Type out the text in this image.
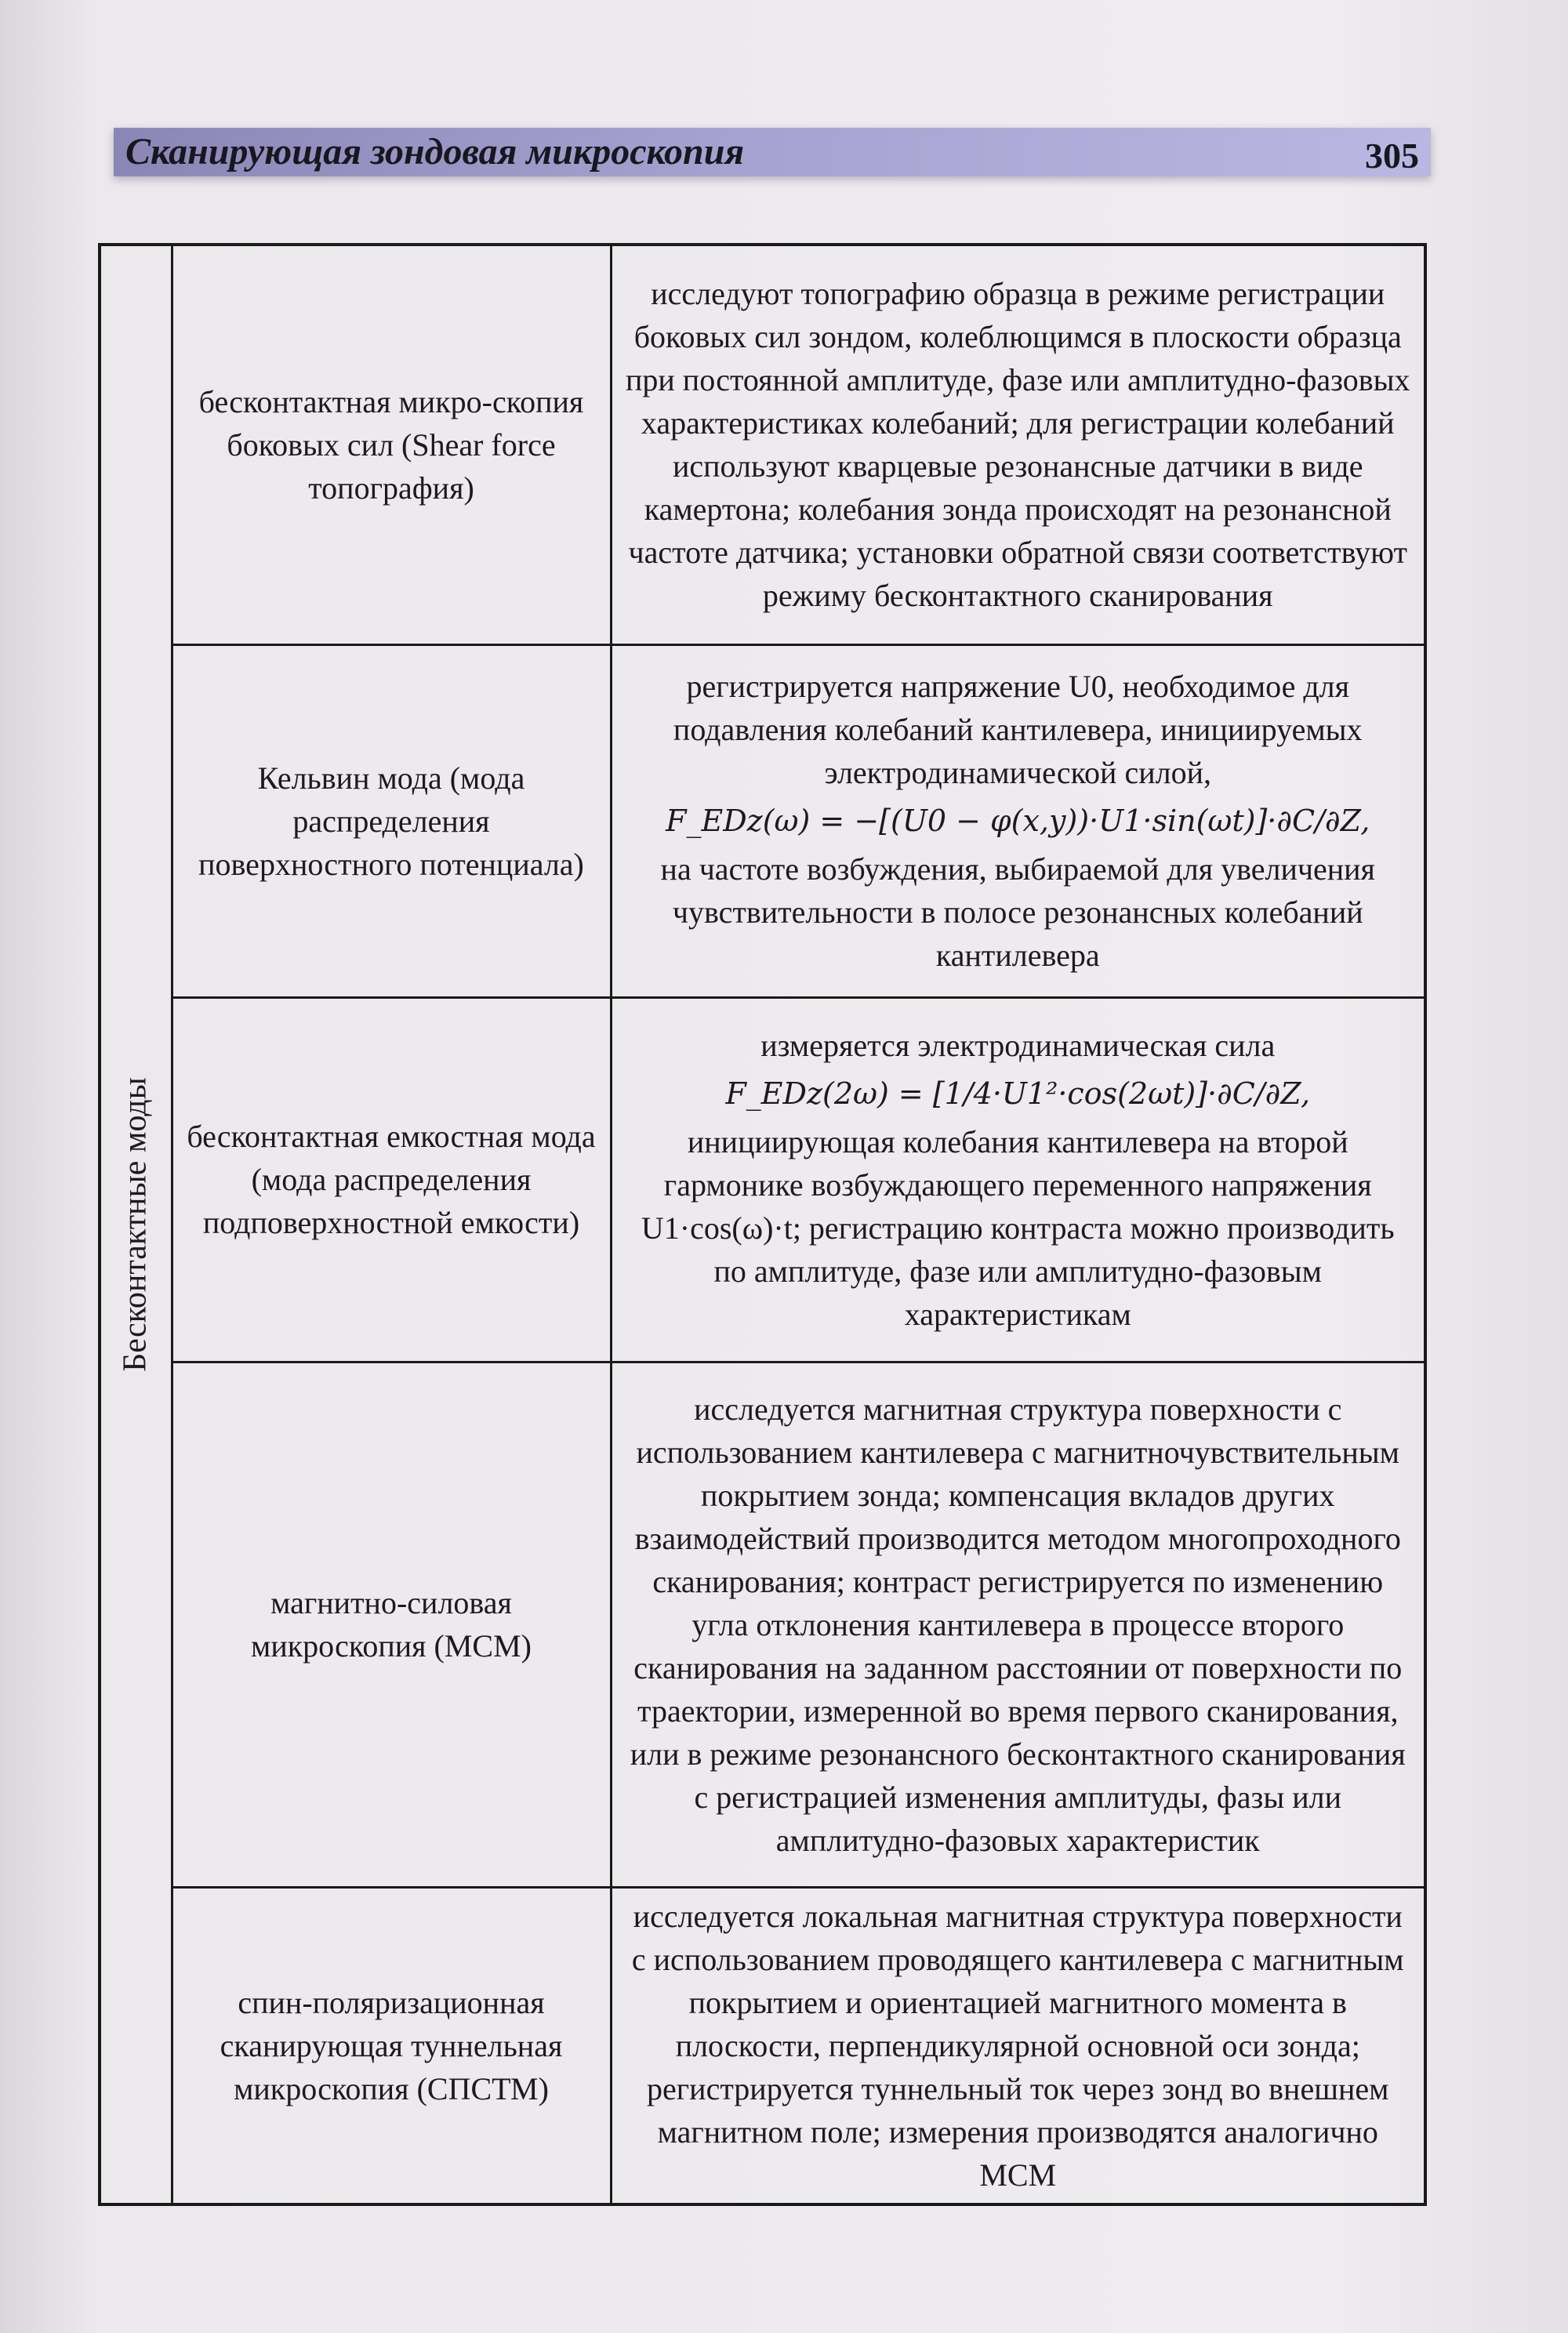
Сканирующая зондовая микроскопия	305
Бесконтактные моды	бесконтактная микро-скопия боковых сил (Shear force топография)	исследуют топографию образца в режиме регистрации боковых сил зондом, колеблющимся в плоскости образца при постоянной амплитуде, фазе или амплитудно-фазовых характеристиках колебаний; для регистрации колебаний используют кварцевые резонансные датчики в виде камертона; колебания зонда происходят на резонансной частоте датчика; установки обратной связи соответствуют режиму бесконтактного сканирования
	Кельвин мода (мода распределения поверхностного потенциала)	регистрируется напряжение U0, необходимое для подавления колебаний кантилевера, инициируемых электродинамической силой,
F_EDz(ω) = −[(U0 − φ(x,y))·U1·sin(ωt)]·∂C/∂Z,
на частоте возбуждения, выбираемой для увеличения чувствительности в полосе резонансных колебаний кантилевера

	бесконтактная емкостная мода (мода распределения подповерхностной емкости)	измеряется электродинамическая сила
F_EDz(2ω) = [1/4·U1²·cos(2ωt)]·∂C/∂Z,
инициирующая колебания кантилевера на второй гармонике возбуждающего переменного напряжения U1·cos(ω)·t; регистрацию контраста можно производить по амплитуде, фазе или амплитудно-фазовым характеристикам

	магнитно-силовая микроскопия (МСМ)	исследуется магнитная структура поверхности с использованием кантилевера с магнитночувствительным покрытием зонда; компенсация вкладов других взаимодействий производится методом многопроходного сканирования; контраст регистрируется по изменению угла отклонения кантилевера в процессе второго сканирования на заданном расстоянии от поверхности по траектории, измеренной во время первого сканирования, или в режиме резонансного бесконтактного сканирования с регистрацией изменения амплитуды, фазы или амплитудно-фазовых характеристик
	спин-поляризационная сканирующая туннельная микроскопия (СПСТМ)	исследуется локальная магнитная структура поверхности с использованием проводящего кантилевера с магнитным покрытием и ориентацией магнитного момента в плоскости, перпендикулярной основной оси зонда; регистрируется туннельный ток через зонд во внешнем магнитном поле; измерения производятся аналогично МСМ
